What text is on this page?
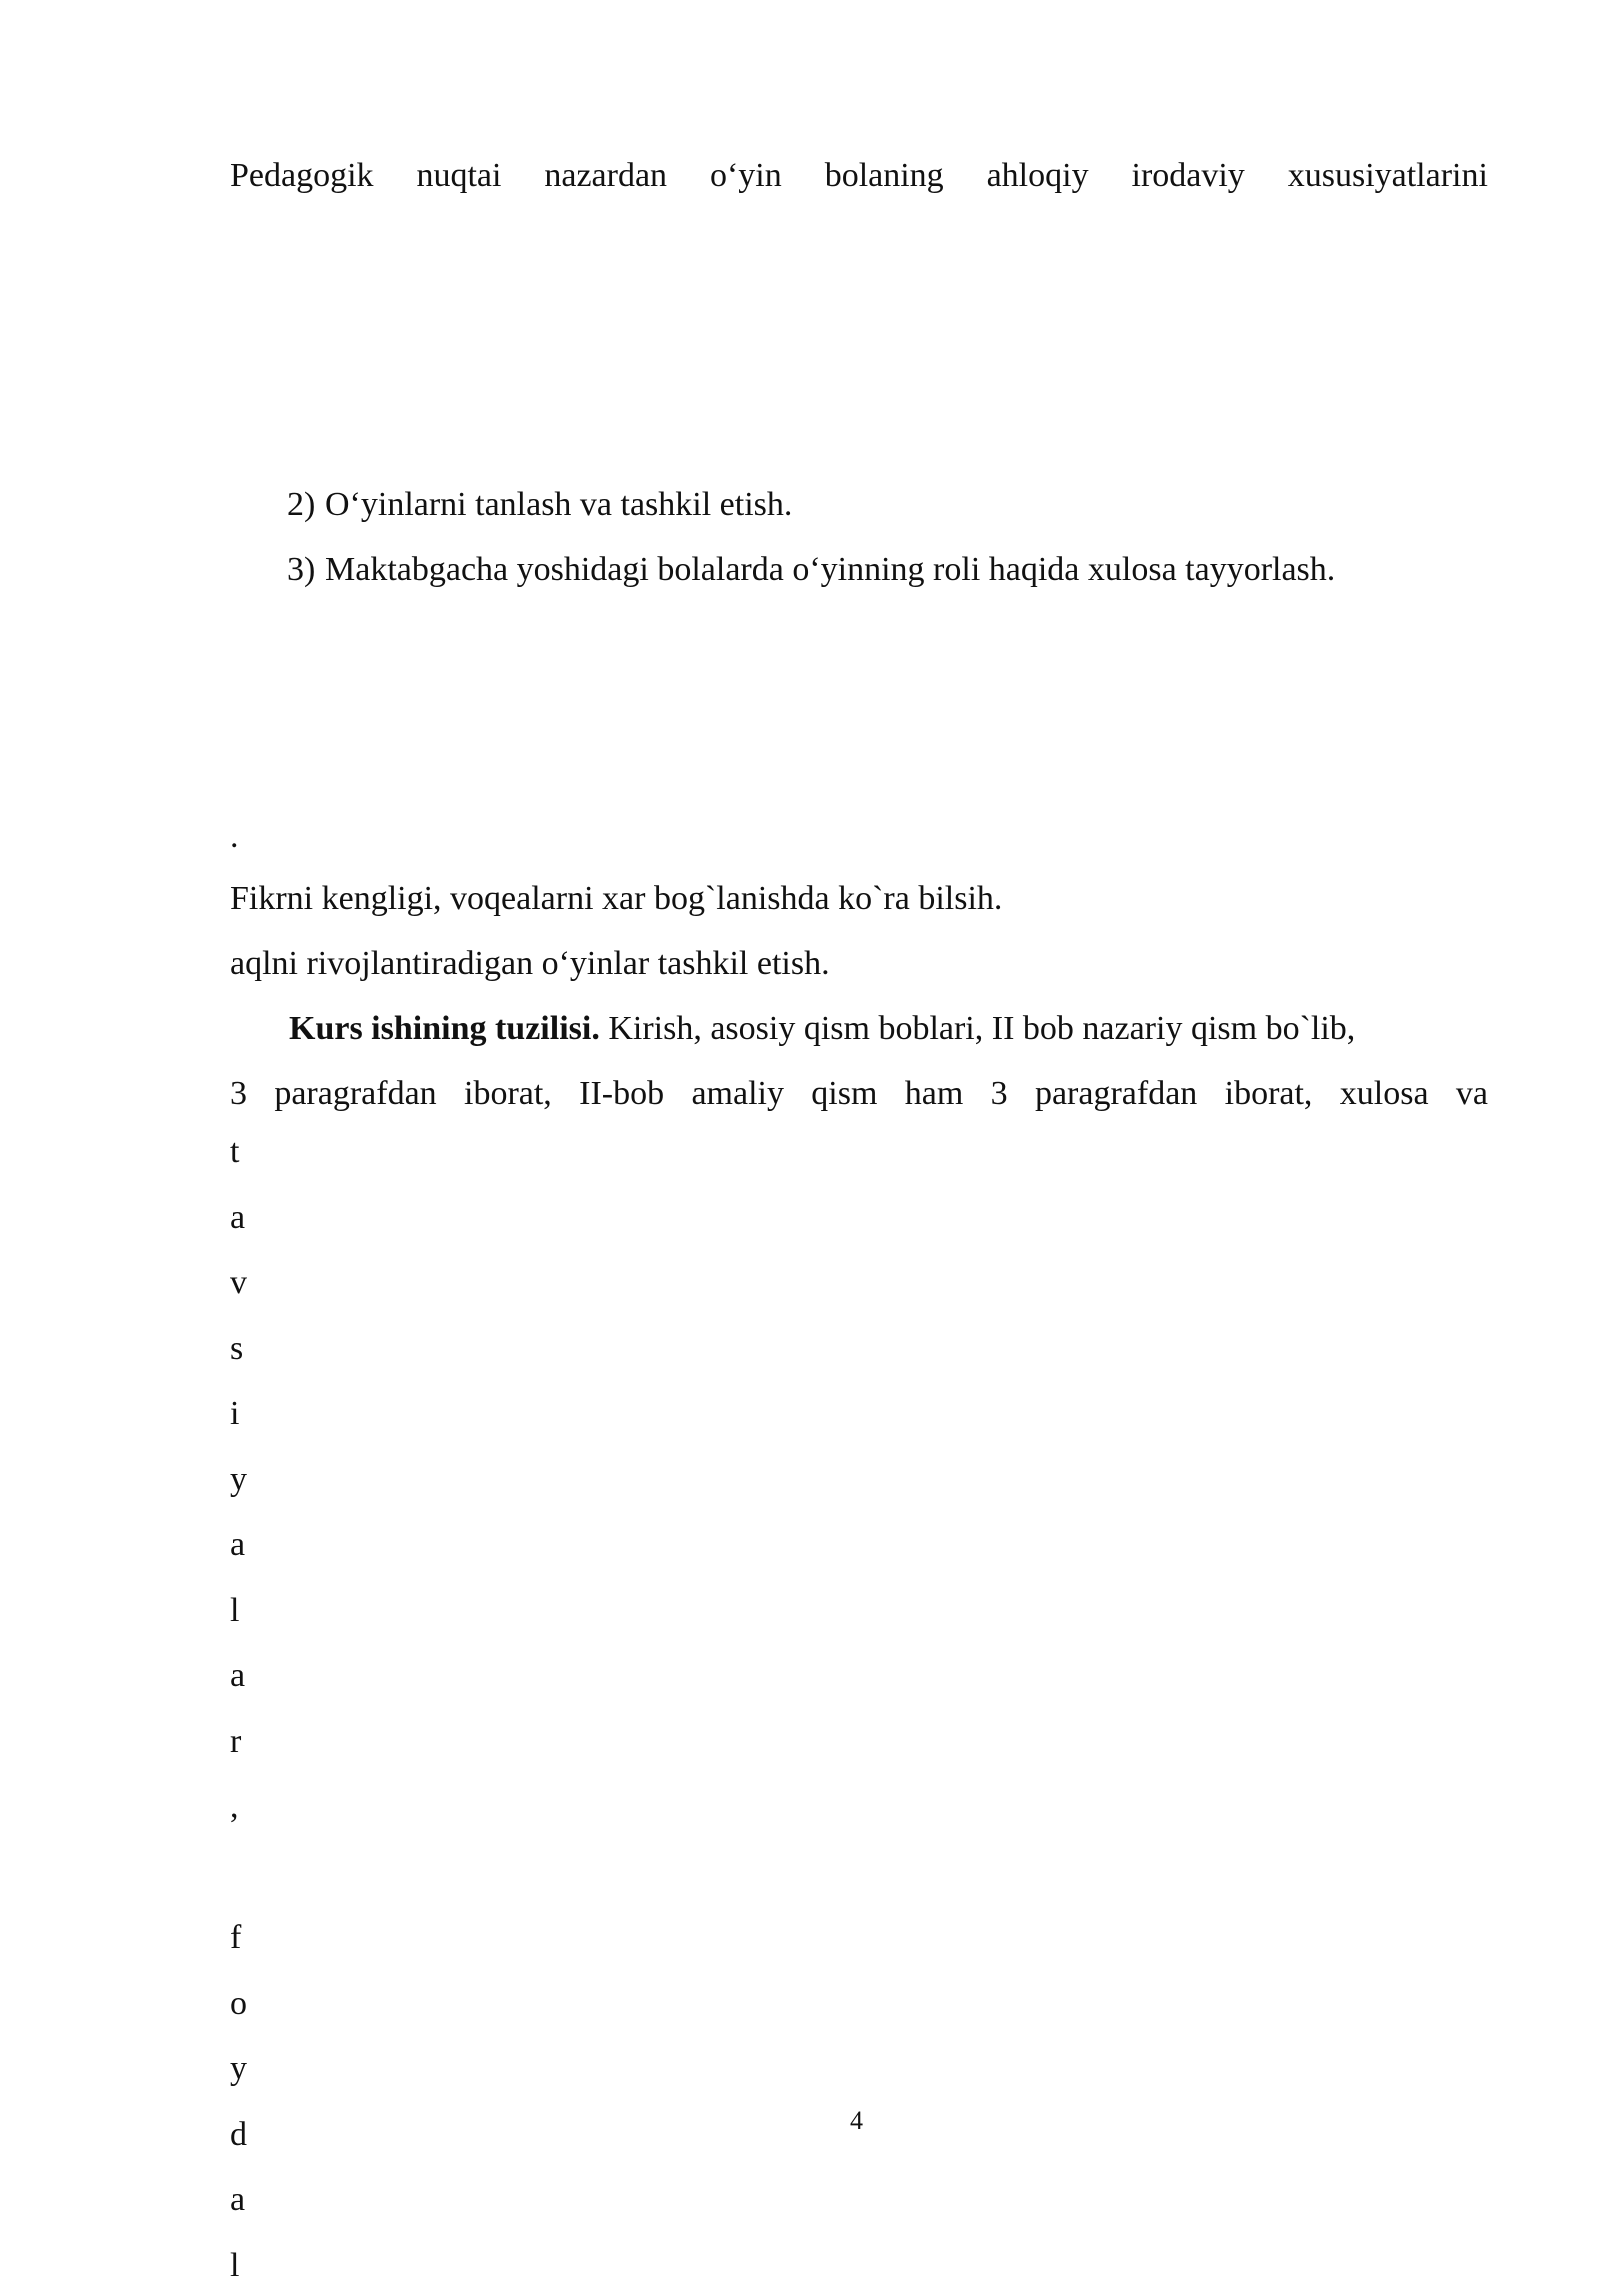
Pedagogik nuqtai nazardan o‘yin bolaning ahloqiy irodaviy xususiyatlarini
2) O‘yinlarni tanlash va tashkil etish.
3) Maktabgacha yoshidagi bolalarda o‘yinning roli haqida xulosa tayyorlash.
.
Fikrni kengligi, voqealarni xar bog`lanishda ko`ra bilsih.
aqlni rivojlantiradigan o‘yinlar tashkil etish.
Kurs ishining tuzilisi. Kirish, asosiy qism boblari, II bob nazariy qism bo`lib,
3 paragrafdan iborat, II-bob amaliy qism ham 3 paragrafdan iborat, xulosa va
t
a
v
s
i
y
a
l
a
r
,
f
o
y
d
a
l
4
